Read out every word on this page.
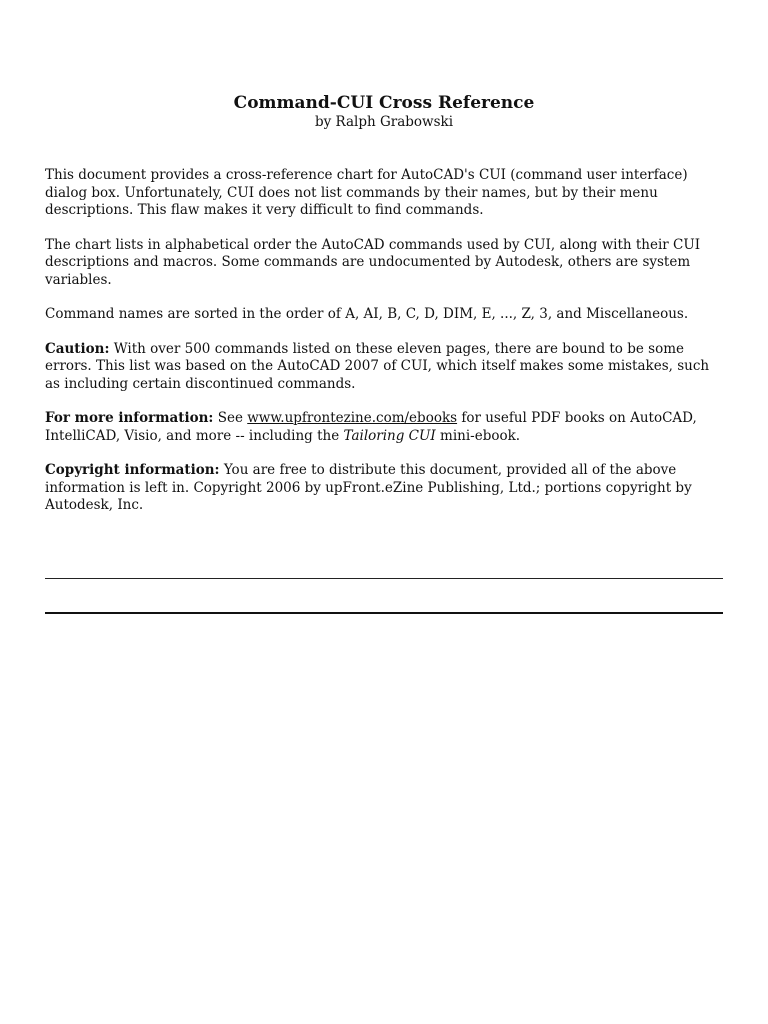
Command-CUI Cross Reference
by Ralph Grabowski

This document provides a cross-reference chart for AutoCAD's CUI (command user interface) dialog box. Unfortunately, CUI does not list commands by their names, but by their menu descriptions. This flaw makes it very difficult to find commands.

The chart lists in alphabetical order the AutoCAD commands used by CUI, along with their CUI descriptions and macros. Some commands are undocumented by Autodesk, others are system variables.

Command names are sorted in the order of A, AI, B, C, D, DIM, E, ..., Z, 3, and Miscellaneous.

Caution: With over 500 commands listed on these eleven pages, there are bound to be some errors. This list was based on the AutoCAD 2007 of CUI, which itself makes some mistakes, such as including certain discontinued commands.

For more information: See www.upfrontezine.com/ebooks for useful PDF books on AutoCAD, IntelliCAD, Visio, and more -- including the Tailoring CUI mini-ebook.

Copyright information: You are free to distribute this document, provided all of the above information is left in. Copyright 2006 by upFront.eZine Publishing, Ltd.; portions copyright by Autodesk, Inc.
